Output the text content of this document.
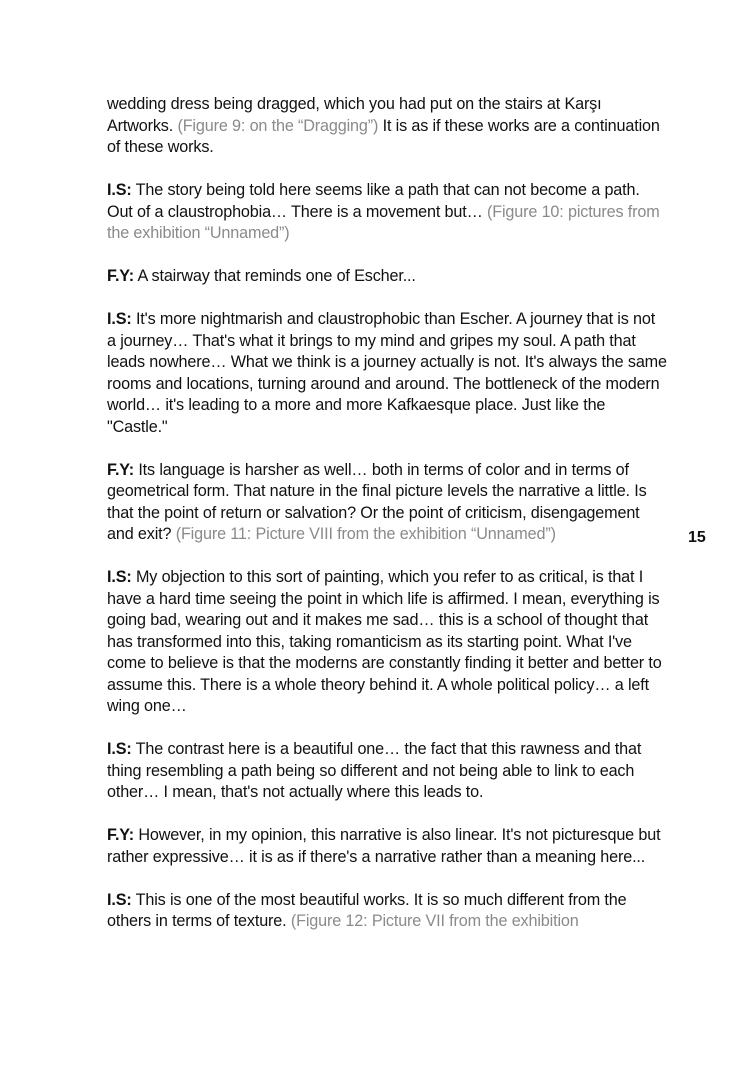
wedding dress being dragged, which you had put on the stairs at Karşı Artworks. (Figure 9: on the “Dragging”) It is as if these works are a continuation of these works.

I.S: The story being told here seems like a path that can not become a path. Out of a claustrophobia… There is a movement but… (Figure 10: pictures from the exhibition “Unnamed”)

F.Y: A stairway that reminds one of Escher...

I.S: It's more nightmarish and claustrophobic than Escher. A journey that is not a journey… That's what it brings to my mind and gripes my soul. A path that leads nowhere… What we think is a journey actually is not. It's always the same rooms and locations, turning around and around. The bottleneck of the modern world… it's leading to a more and more Kafkaesque place. Just like the "Castle."

F.Y: Its language is harsher as well… both in terms of color and in terms of geometrical form. That nature in the final picture levels the narrative a little. Is that the point of return or salvation? Or the point of criticism, disengagement and exit? (Figure 11: Picture VIII from the exhibition “Unnamed”)

I.S: My objection to this sort of painting, which you refer to as critical, is that I have a hard time seeing the point in which life is affirmed. I mean, everything is going bad, wearing out and it makes me sad… this is a school of thought that has transformed into this, taking romanticism as its starting point. What I've come to believe is that the moderns are constantly finding it better and better to assume this. There is a whole theory behind it. A whole political policy… a left wing one…

I.S: The contrast here is a beautiful one… the fact that this rawness and that thing resembling a path being so different and not being able to link to each other… I mean, that's not actually where this leads to.

F.Y: However, in my opinion, this narrative is also linear. It's not picturesque but rather expressive… it is as if there's a narrative rather than a meaning here...

I.S: This is one of the most beautiful works. It is so much different from the others in terms of texture. (Figure 12: Picture VII from the exhibition

15
